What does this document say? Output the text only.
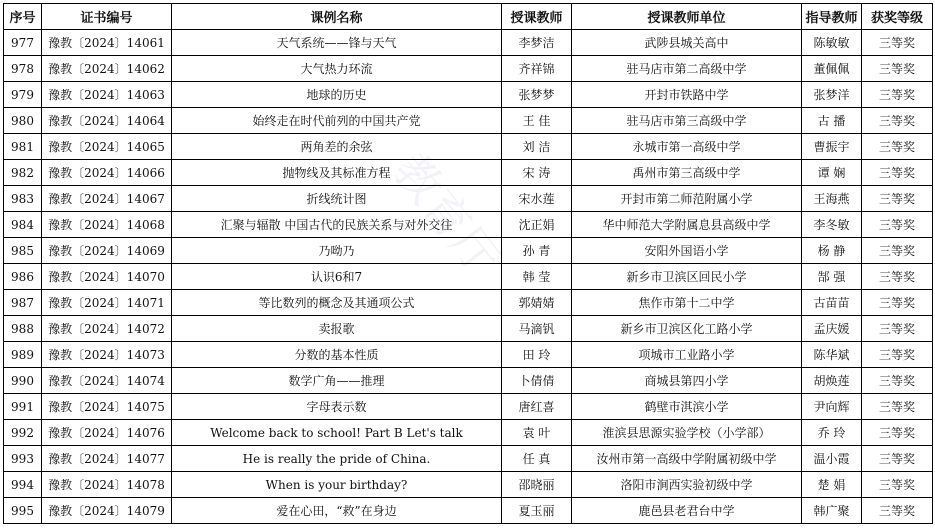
教育厅
序号	证书编号	课例名称	授课教师	授课教师单位	指导教师	获奖等级
977	豫教〔2024〕14061	天气系统——锋与天气	李梦洁	武陟县城关高中	陈敏敏	三等奖
978	豫教〔2024〕14062	大气热力环流	齐祥锦	驻马店市第二高级中学	董佩佩	三等奖
979	豫教〔2024〕14063	地球的历史	张梦梦	开封市铁路中学	张梦洋	三等奖
980	豫教〔2024〕14064	始终走在时代前列的中国共产党	王 佳	驻马店市第三高级中学	古 播	三等奖
981	豫教〔2024〕14065	两角差的余弦	刘 洁	永城市第一高级中学	曹振宇	三等奖
982	豫教〔2024〕14066	抛物线及其标准方程	宋 涛	禹州市第三高级中学	谭 娴	三等奖
983	豫教〔2024〕14067	折线统计图	宋水莲	开封市第二师范附属小学	王海燕	三等奖
984	豫教〔2024〕14068	汇聚与辐散 中国古代的民族关系与对外交往	沈正娟	华中师范大学附属息县高级中学	李冬敏	三等奖
985	豫教〔2024〕14069	乃呦乃	孙 青	安阳外国语小学	杨 静	三等奖
986	豫教〔2024〕14070	认识6和7	韩 莹	新乡市卫滨区回民小学	郜 强	三等奖
987	豫教〔2024〕14071	等比数列的概念及其通项公式	郭婧婧	焦作市第十二中学	古苗苗	三等奖
988	豫教〔2024〕14072	卖报歌	马滴钒	新乡市卫滨区化工路小学	孟庆媛	三等奖
989	豫教〔2024〕14073	分数的基本性质	田 玲	项城市工业路小学	陈华斌	三等奖
990	豫教〔2024〕14074	数学广角——推理	卜倩倩	商城县第四小学	胡焕莲	三等奖
991	豫教〔2024〕14075	字母表示数	唐红喜	鹤壁市淇滨小学	尹向辉	三等奖
992	豫教〔2024〕14076	Welcome back to school! Part B Let's talk	袁 叶	淮滨县思源实验学校（小学部）	乔 玲	三等奖
993	豫教〔2024〕14077	He is really the pride of China.	任 真	汝州市第一高级中学附属初级中学	温小霞	三等奖
994	豫教〔2024〕14078	When is your birthday?	邵晓丽	洛阳市涧西实验初级中学	楚 娟	三等奖
995	豫教〔2024〕14079	爱在心田，“救”在身边	夏玉丽	鹿邑县老君台中学	韩广聚	三等奖
